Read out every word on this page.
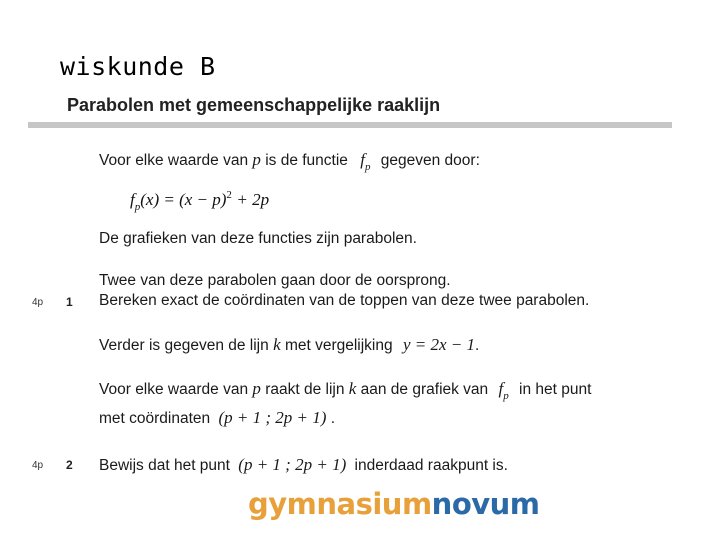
wiskunde B
Parabolen met gemeenschappelijke raaklijn
Voor elke waarde van p is de functie $f_p$ gegeven door:
$f_p(x) = (x - p)^2 + 2p$
De grafieken van deze functies zijn parabolen.
Twee van deze parabolen gaan door de oorsprong.
4p 1 Bereken exact de coördinaten van de toppen van deze twee parabolen.
Verder is gegeven de lijn k met vergelijking y = 2x − 1.
Voor elke waarde van p raakt de lijn k aan de grafiek van $f_p$ in het punt
met coördinaten (p + 1 ; 2p + 1) .
4p 2 Bewijs dat het punt (p + 1 ; 2p + 1) inderdaad raakpunt is.
gymnasiumnovum
